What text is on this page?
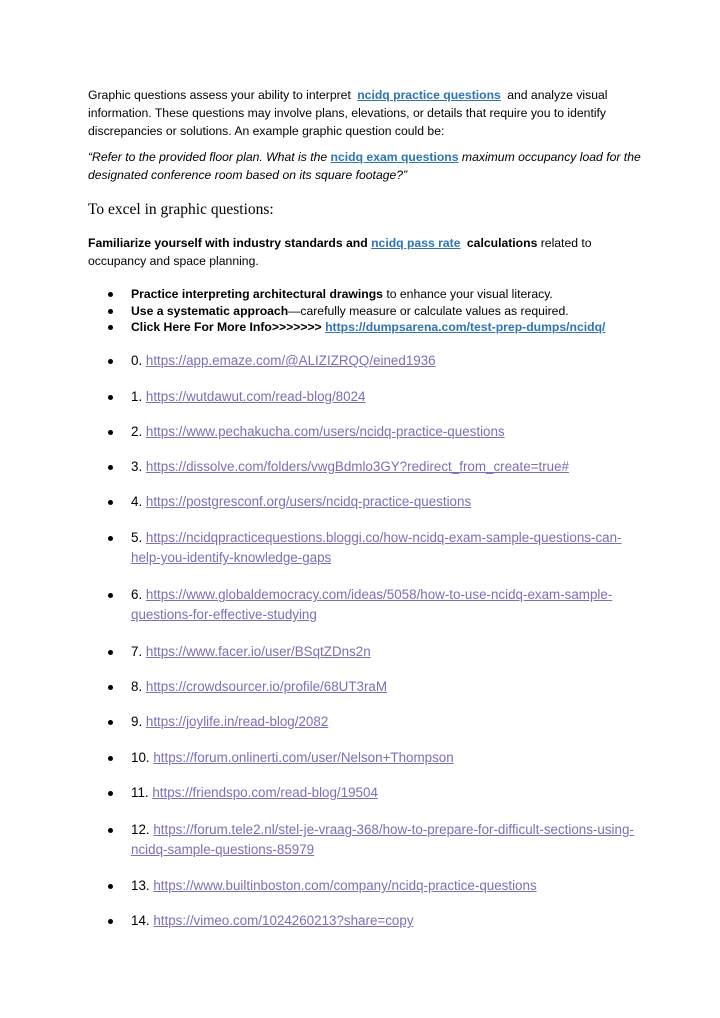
Graphic questions assess your ability to interpret ncidq practice questions and analyze visual information. These questions may involve plans, elevations, or details that require you to identify discrepancies or solutions. An example graphic question could be:

“Refer to the provided floor plan. What is the ncidq exam questions maximum occupancy load for the designated conference room based on its square footage?”

To excel in graphic questions:

Familiarize yourself with industry standards and ncidq pass rate calculations related to occupancy and space planning.

Practice interpreting architectural drawings to enhance your visual literacy.
Use a systematic approach—carefully measure or calculate values as required.
Click Here For More Info>>>>>>> https://dumpsarena.com/test-prep-dumps/ncidq/
0. https://app.emaze.com/@ALIZIZRQQ/eined1936
1. https://wutdawut.com/read-blog/8024
2. https://www.pechakucha.com/users/ncidq-practice-questions
3. https://dissolve.com/folders/vwgBdmlo3GY?redirect_from_create=true#
4. https://postgresconf.org/users/ncidq-practice-questions
5. https://ncidqpracticequestions.bloggi.co/how-ncidq-exam-sample-questions-can-help-you-identify-knowledge-gaps
6. https://www.globaldemocracy.com/ideas/5058/how-to-use-ncidq-exam-sample-questions-for-effective-studying
7. https://www.facer.io/user/BSqtZDns2n
8. https://crowdsourcer.io/profile/68UT3raM
9. https://joylife.in/read-blog/2082
10. https://forum.onlinerti.com/user/Nelson+Thompson
11. https://friendspo.com/read-blog/19504
12. https://forum.tele2.nl/stel-je-vraag-368/how-to-prepare-for-difficult-sections-using-ncidq-sample-questions-85979
13. https://www.builtinboston.com/company/ncidq-practice-questions
14. https://vimeo.com/1024260213?share=copy
